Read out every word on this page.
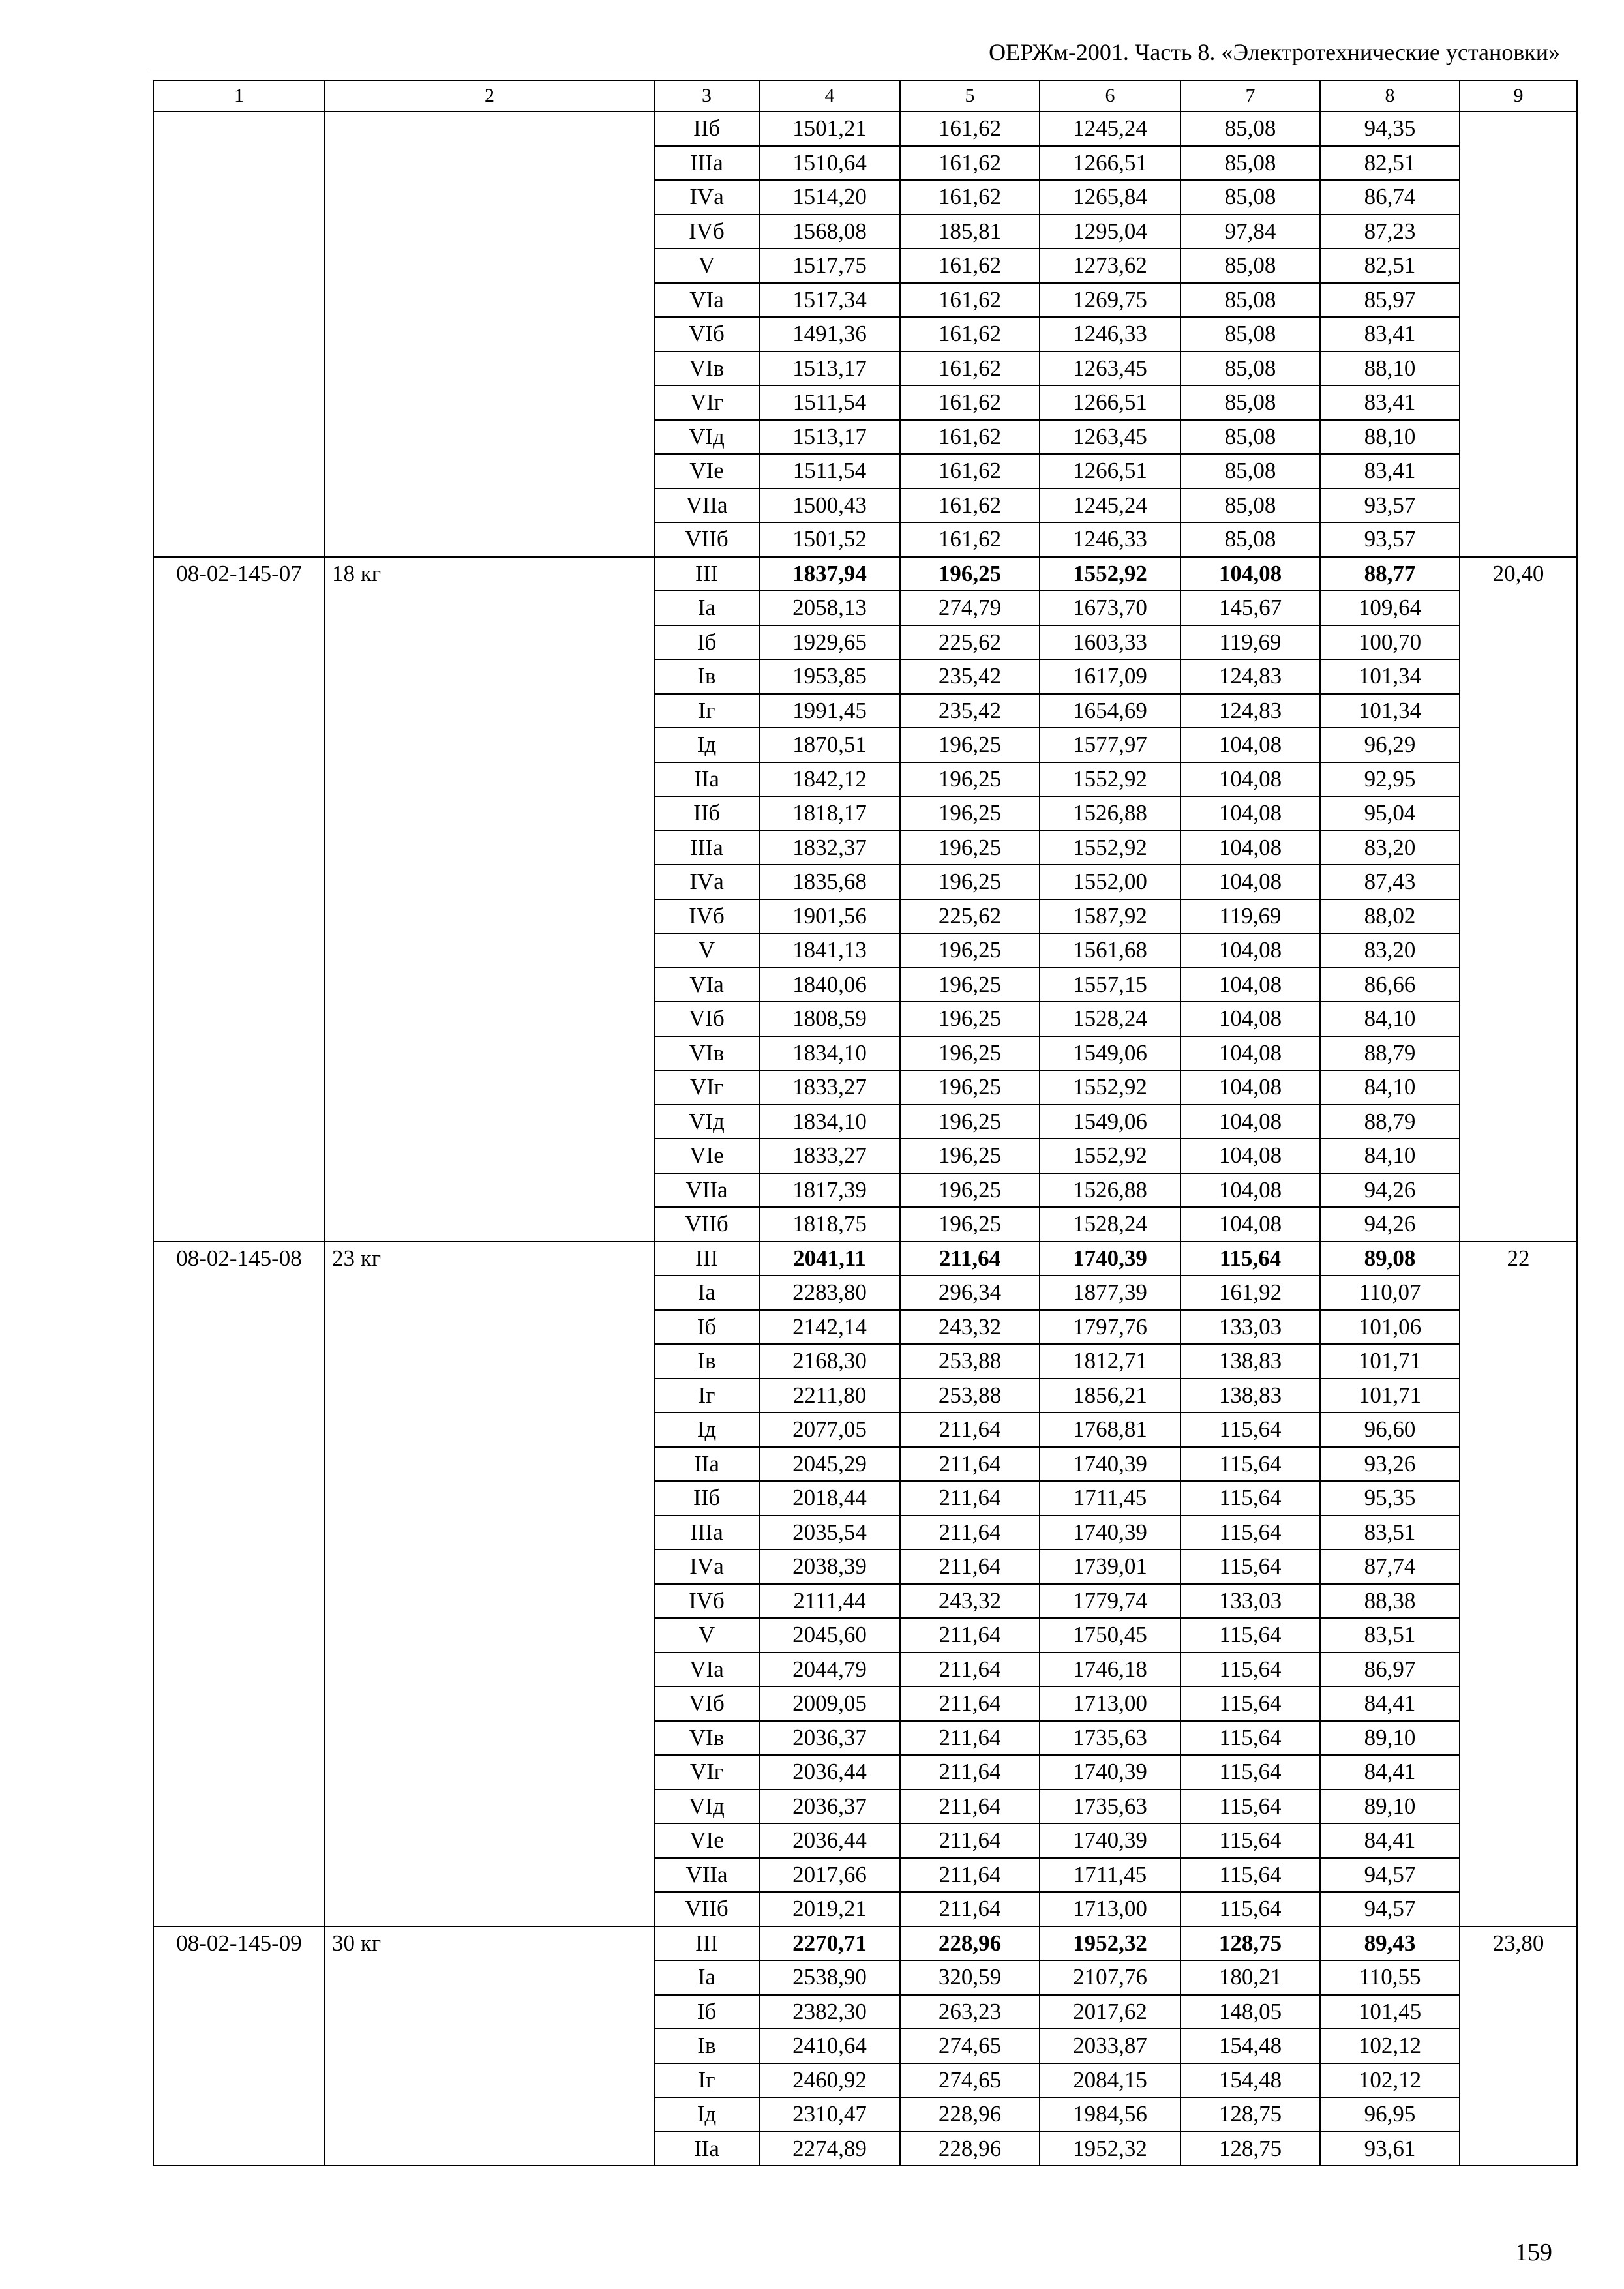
ОЕРЖм-2001. Часть 8. «Электротехнические установки»
1	2	3	4	5	6	7	8	9
		IIб	1501,21	161,62	1245,24	85,08	94,35	
		IIIа	1510,64	161,62	1266,51	85,08	82,51	
		IVа	1514,20	161,62	1265,84	85,08	86,74	
		IVб	1568,08	185,81	1295,04	97,84	87,23	
		V	1517,75	161,62	1273,62	85,08	82,51	
		VIа	1517,34	161,62	1269,75	85,08	85,97	
		VIб	1491,36	161,62	1246,33	85,08	83,41	
		VIв	1513,17	161,62	1263,45	85,08	88,10	
		VIг	1511,54	161,62	1266,51	85,08	83,41	
		VIд	1513,17	161,62	1263,45	85,08	88,10	
		VIе	1511,54	161,62	1266,51	85,08	83,41	
		VIIа	1500,43	161,62	1245,24	85,08	93,57	
		VIIб	1501,52	161,62	1246,33	85,08	93,57	
08-02-145-07	18 кг	III	1837,94	196,25	1552,92	104,08	88,77	20,40
		Iа	2058,13	274,79	1673,70	145,67	109,64	
		Iб	1929,65	225,62	1603,33	119,69	100,70	
		Iв	1953,85	235,42	1617,09	124,83	101,34	
		Iг	1991,45	235,42	1654,69	124,83	101,34	
		Iд	1870,51	196,25	1577,97	104,08	96,29	
		IIа	1842,12	196,25	1552,92	104,08	92,95	
		IIб	1818,17	196,25	1526,88	104,08	95,04	
		IIIа	1832,37	196,25	1552,92	104,08	83,20	
		IVа	1835,68	196,25	1552,00	104,08	87,43	
		IVб	1901,56	225,62	1587,92	119,69	88,02	
		V	1841,13	196,25	1561,68	104,08	83,20	
		VIа	1840,06	196,25	1557,15	104,08	86,66	
		VIб	1808,59	196,25	1528,24	104,08	84,10	
		VIв	1834,10	196,25	1549,06	104,08	88,79	
		VIг	1833,27	196,25	1552,92	104,08	84,10	
		VIд	1834,10	196,25	1549,06	104,08	88,79	
		VIе	1833,27	196,25	1552,92	104,08	84,10	
		VIIа	1817,39	196,25	1526,88	104,08	94,26	
		VIIб	1818,75	196,25	1528,24	104,08	94,26	
08-02-145-08	23 кг	III	2041,11	211,64	1740,39	115,64	89,08	22
		Iа	2283,80	296,34	1877,39	161,92	110,07	
		Iб	2142,14	243,32	1797,76	133,03	101,06	
		Iв	2168,30	253,88	1812,71	138,83	101,71	
		Iг	2211,80	253,88	1856,21	138,83	101,71	
		Iд	2077,05	211,64	1768,81	115,64	96,60	
		IIа	2045,29	211,64	1740,39	115,64	93,26	
		IIб	2018,44	211,64	1711,45	115,64	95,35	
		IIIа	2035,54	211,64	1740,39	115,64	83,51	
		IVа	2038,39	211,64	1739,01	115,64	87,74	
		IVб	2111,44	243,32	1779,74	133,03	88,38	
		V	2045,60	211,64	1750,45	115,64	83,51	
		VIа	2044,79	211,64	1746,18	115,64	86,97	
		VIб	2009,05	211,64	1713,00	115,64	84,41	
		VIв	2036,37	211,64	1735,63	115,64	89,10	
		VIг	2036,44	211,64	1740,39	115,64	84,41	
		VIд	2036,37	211,64	1735,63	115,64	89,10	
		VIе	2036,44	211,64	1740,39	115,64	84,41	
		VIIа	2017,66	211,64	1711,45	115,64	94,57	
		VIIб	2019,21	211,64	1713,00	115,64	94,57	
08-02-145-09	30 кг	III	2270,71	228,96	1952,32	128,75	89,43	23,80
		Iа	2538,90	320,59	2107,76	180,21	110,55	
		Iб	2382,30	263,23	2017,62	148,05	101,45	
		Iв	2410,64	274,65	2033,87	154,48	102,12	
		Iг	2460,92	274,65	2084,15	154,48	102,12	
		Iд	2310,47	228,96	1984,56	128,75	96,95	
		IIа	2274,89	228,96	1952,32	128,75	93,61	
159
